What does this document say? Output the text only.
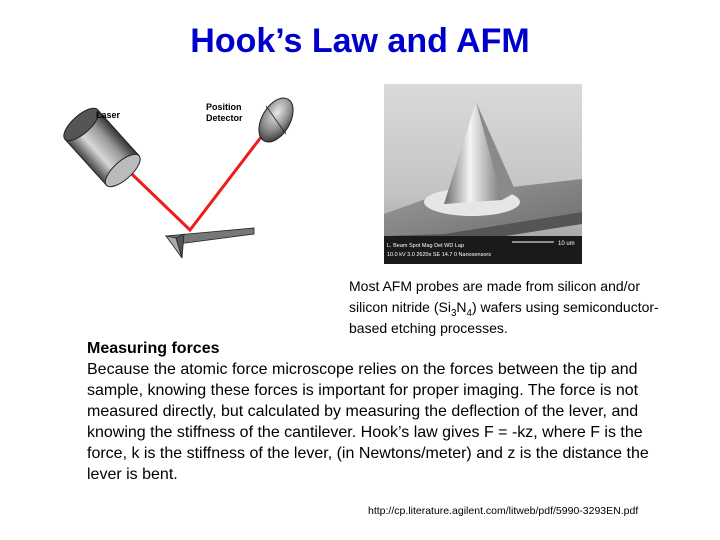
Hook’s Law and AFM
Laser
Position
Detector
L. Beam Spot Mag Det WD Lap
10.0 kV 3.0 2620x SE 14.7 0 Nanosensors
10 um
Most AFM probes are made from silicon and/or silicon nitride $(Si_3N_4)$ wafers using semiconductor-based etching processes.
Measuring forces
Because the atomic force microscope relies on the forces between the tip and sample, knowing these forces is important for proper imaging. The force is not measured directly, but calculated by measuring the deflection of the lever, and knowing the stiffness of the cantilever. Hook’s law gives F = -kz, where F is the force, k is the stiffness of the lever, (in Newtons/meter) and z is the distance the lever is bent.
http://cp.literature.agilent.com/litweb/pdf/5990-3293EN.pdf
